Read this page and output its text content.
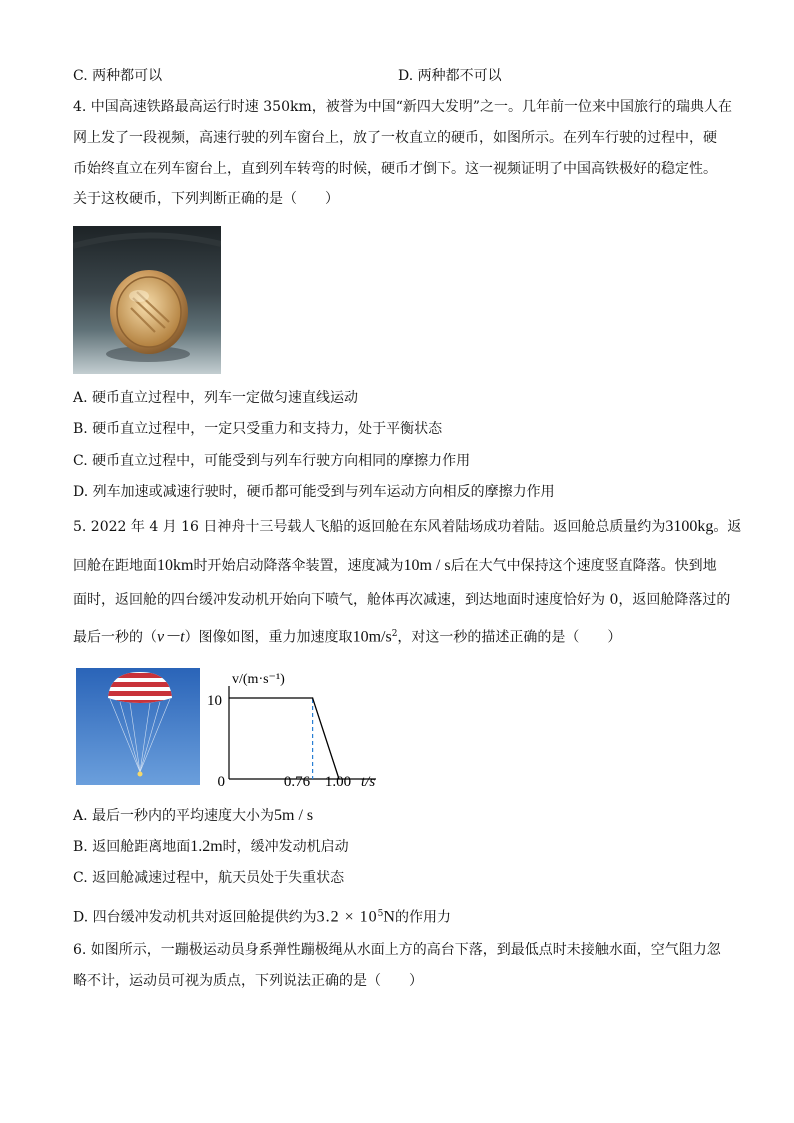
C. 两种都可以	D. 两种都不可以
4. 中国高速铁路最高运行时速 350km，被誉为中国“新四大发明”之一。几年前一位来中国旅行的瑞典人在
网上发了一段视频，高速行驶的列车窗台上，放了一枚直立的硬币，如图所示。在列车行驶的过程中，硬
币始终直立在列车窗台上，直到列车转弯的时候，硬币才倒下。这一视频证明了中国高铁极好的稳定性。
关于这枚硬币，下列判断正确的是（　　）
A. 硬币直立过程中，列车一定做匀速直线运动
B. 硬币直立过程中，一定只受重力和支持力，处于平衡状态
C. 硬币直立过程中，可能受到与列车行驶方向相同的摩擦力作用
D. 列车加速或减速行驶时，硬币都可能受到与列车运动方向相反的摩擦力作用
5. 2022 年 4 月 16 日神舟十三号载人飞船的返回舱在东风着陆场成功着陆。返回舱总质量约为3100kg。返
回舱在距地面10km时开始启动降落伞装置，速度减为10m / s后在大气中保持这个速度竖直降落。快到地
面时，返回舱的四台缓冲发动机开始向下喷气，舱体再次减速，到达地面时速度恰好为 0，返回舱降落过的
最后一秒的（v－t）图像如图，重力加速度取$10m/s^2$，对这一秒的描述正确的是（　　）
10
0	0.76 1.00 t/s
v/(m·s⁻¹)
A. 最后一秒内的平均速度大小为5m / s
B. 返回舱距离地面1.2m时，缓冲发动机启动
C. 返回舱减速过程中，航天员处于失重状态
D. 四台缓冲发动机共对返回舱提供约为$3.2 \times 10^5N$的作用力
6. 如图所示，一蹦极运动员身系弹性蹦极绳从水面上方的高台下落，到最低点时未接触水面，空气阻力忽
略不计，运动员可视为质点，下列说法正确的是（　　）
